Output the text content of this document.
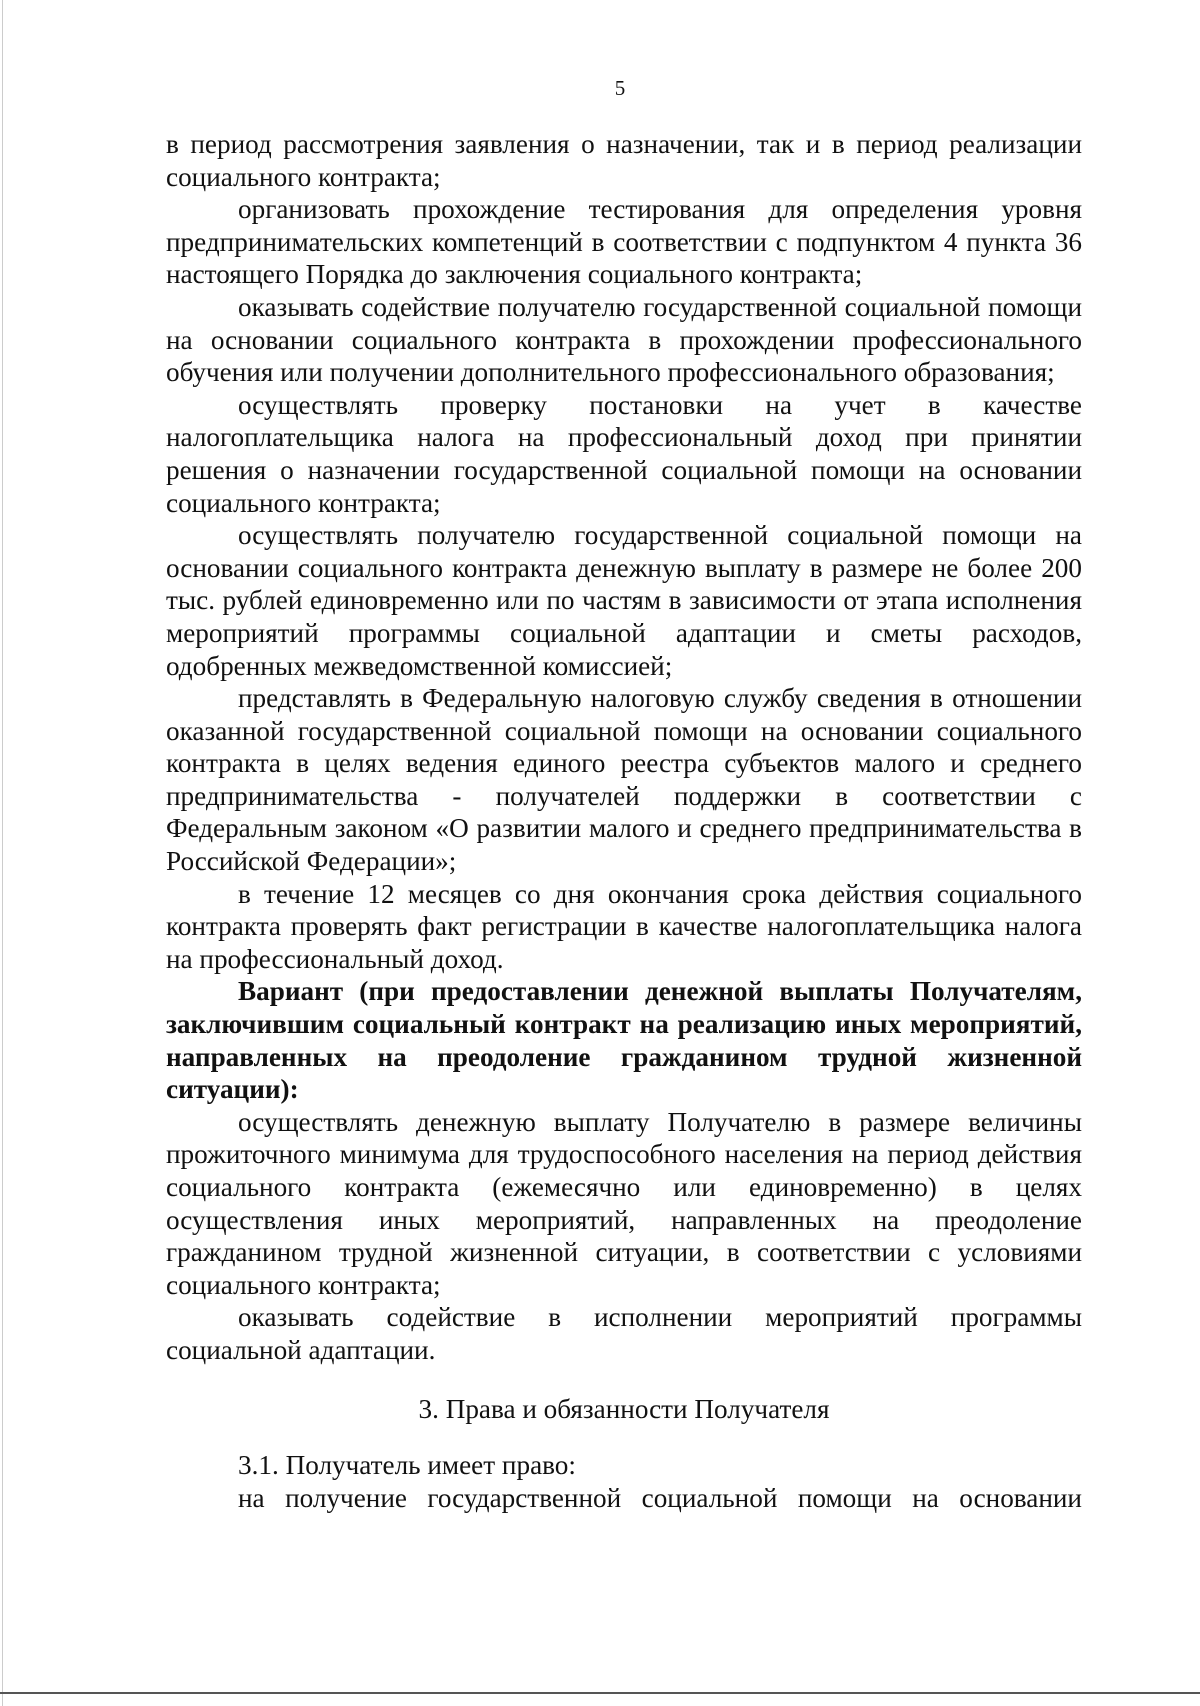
5

в период рассмотрения заявления о назначении, так и в период реализации социального контракта;

организовать прохождение тестирования для определения уровня предпринимательских компетенций в соответствии с подпунктом 4 пункта 36 настоящего Порядка до заключения социального контракта;

оказывать содействие получателю государственной социальной помощи на основании социального контракта в прохождении профессионального обучения или получении дополнительного профессионального образования;

осуществлять проверку постановки на учет в качестве налогоплательщика налога на профессиональный доход при принятии решения о назначении государственной социальной помощи на основании социального контракта;

осуществлять получателю государственной социальной помощи на основании социального контракта денежную выплату в размере не более 200 тыс. рублей единовременно или по частям в зависимости от этапа исполнения мероприятий программы социальной адаптации и сметы расходов, одобренных межведомственной комиссией;

представлять в Федеральную налоговую службу сведения в отношении оказанной государственной социальной помощи на основании социального контракта в целях ведения единого реестра субъектов малого и среднего предпринимательства - получателей поддержки в соответствии с Федеральным законом «О развитии малого и среднего предпринимательства в Российской Федерации»;

в течение 12 месяцев со дня окончания срока действия социального контракта проверять факт регистрации в качестве налогоплательщика налога на профессиональный доход.

Вариант (при предоставлении денежной выплаты Получателям, заключившим социальный контракт на реализацию иных мероприятий, направленных на преодоление гражданином трудной жизненной ситуации):

осуществлять денежную выплату Получателю в размере величины прожиточного минимума для трудоспособного населения на период действия социального контракта (ежемесячно или единовременно) в целях осуществления иных мероприятий, направленных на преодоление гражданином трудной жизненной ситуации, в соответствии с условиями социального контракта;

оказывать содействие в исполнении мероприятий программы социальной адаптации.

3. Права и обязанности Получателя

3.1. Получатель имеет право:

на получение государственной социальной помощи на основании
